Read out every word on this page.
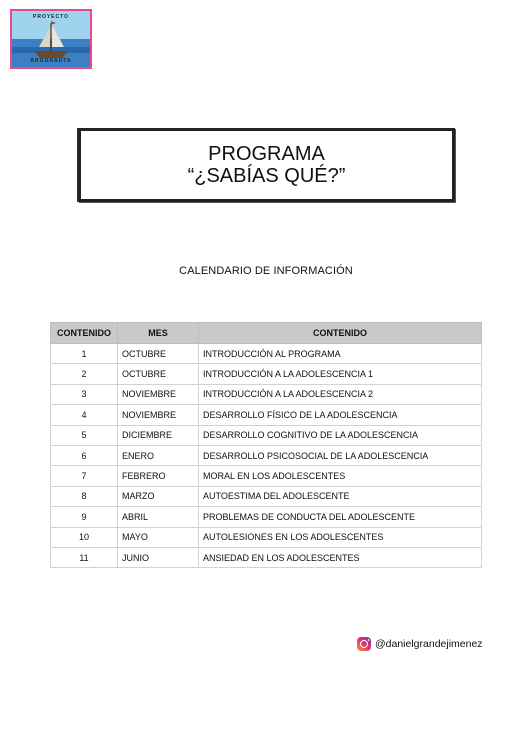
PROYECTO
ARGONAUTA
PROGRAMA
“¿SABÍAS QUÉ?”
CALENDARIO DE INFORMACIÓN
CONTENIDO	MES	CONTENIDO
1	OCTUBRE	INTRODUCCIÓN AL PROGRAMA
2	OCTUBRE	INTRODUCCIÓN A LA ADOLESCENCIA 1
3	NOVIEMBRE	INTRODUCCIÓN A LA ADOLESCENCIA 2
4	NOVIEMBRE	DESARROLLO FÍSICO DE LA ADOLESCENCIA
5	DICIEMBRE	DESARROLLO COGNITIVO DE LA ADOLESCENCIA
6	ENERO	DESARROLLO PSICOSOCIAL DE LA ADOLESCENCIA
7	FEBRERO	MORAL EN LOS ADOLESCENTES
8	MARZO	AUTOESTIMA DEL ADOLESCENTE
9	ABRIL	PROBLEMAS DE CONDUCTA DEL ADOLESCENTE
10	MAYO	AUTOLESIONES EN LOS ADOLESCENTES
11	JUNIO	ANSIEDAD EN LOS ADOLESCENTES
@danielgrandejimenez
